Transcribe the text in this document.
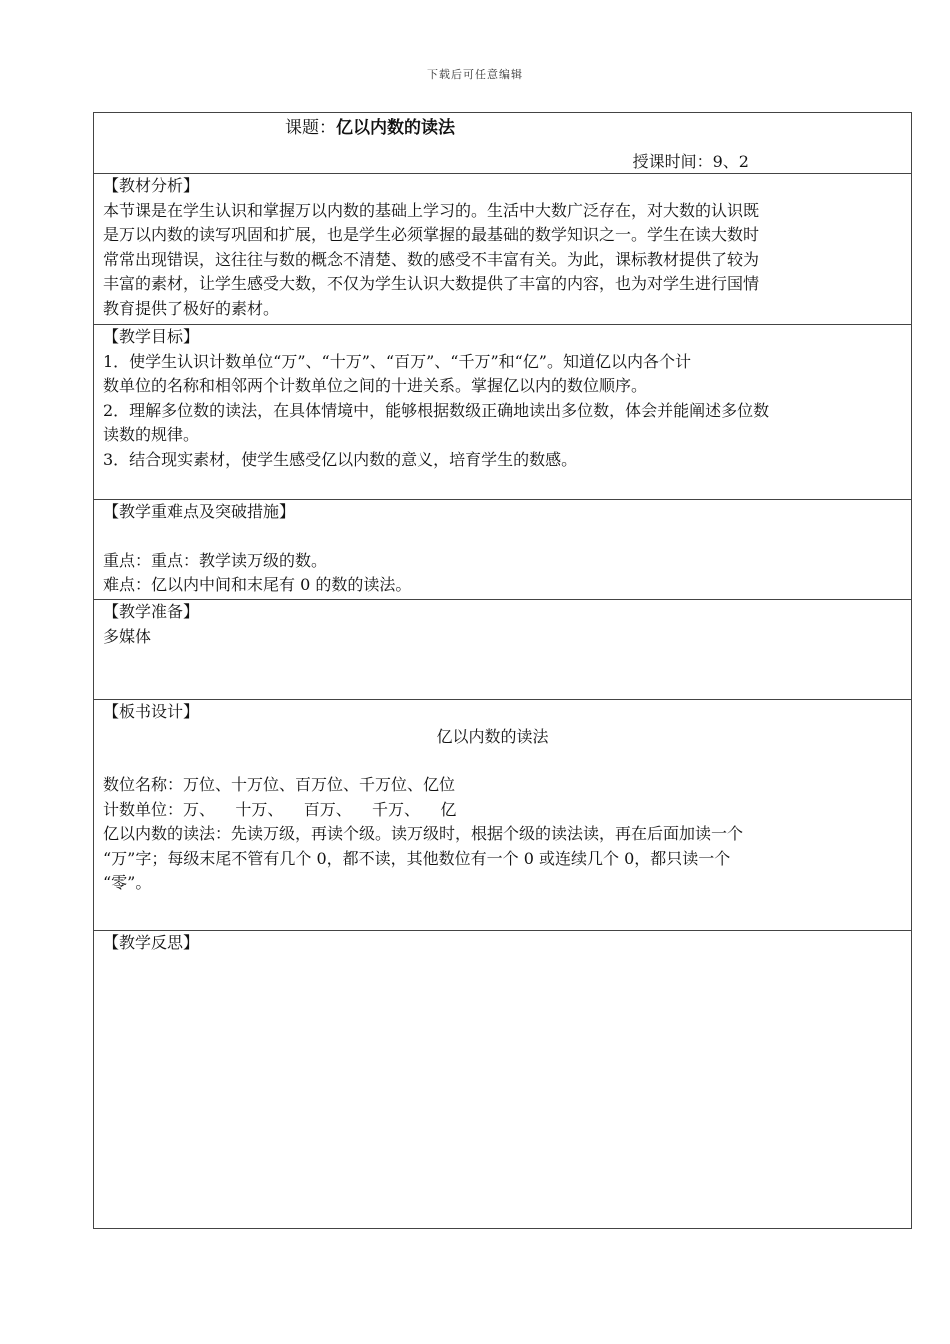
下载后可任意编辑
课题：亿以内数的读法
授课时间：9、2
【教材分析】
本节课是在学生认识和掌握万以内数的基础上学习的。生活中大数广泛存在，对大数的认识既
是万以内数的读写巩固和扩展，也是学生必须掌握的最基础的数学知识之一。学生在读大数时
常常出现错误，这往往与数的概念不清楚、数的感受不丰富有关。为此，课标教材提供了较为
丰富的素材，让学生感受大数，不仅为学生认识大数提供了丰富的内容，也为对学生进行国情
教育提供了极好的素材。
【教学目标】
1．使学生认识计数单位“万”、“十万”、“百万”、“千万”和“亿”。知道亿以内各个计
数单位的名称和相邻两个计数单位之间的十进关系。掌握亿以内的数位顺序。
2．理解多位数的读法，在具体情境中，能够根据数级正确地读出多位数，体会并能阐述多位数
读数的规律。
3．结合现实素材，使学生感受亿以内数的意义，培育学生的数感。
【教学重难点及突破措施】
重点：重点：教学读万级的数。
难点：亿以内中间和末尾有 0 的数的读法。
【教学准备】
多媒体
【板书设计】
亿以内数的读法
数位名称：万位、十万位、百万位、千万位、亿位
计数单位：万、    十万、    百万、    千万、    亿
亿以内数的读法：先读万级，再读个级。读万级时，根据个级的读法读，再在后面加读一个
“万”字；每级末尾不管有几个 0，都不读，其他数位有一个 0 或连续几个 0，都只读一个
“零”。
【教学反思】
